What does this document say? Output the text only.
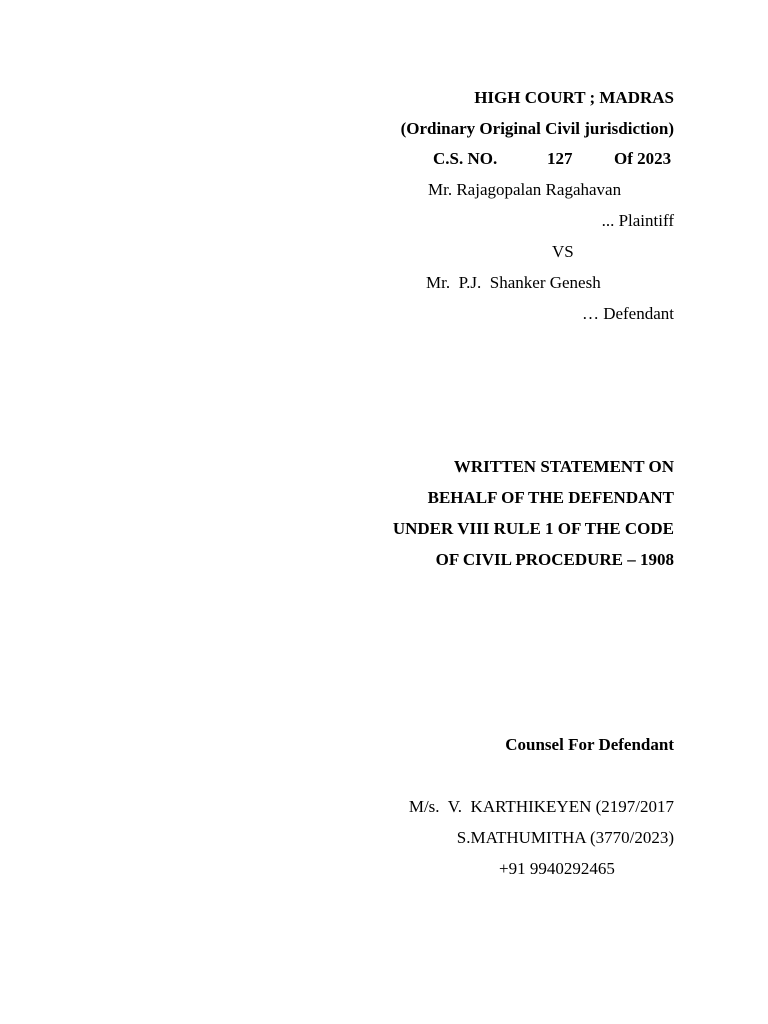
HIGH COURT ; MADRAS
(Ordinary Original Civil jurisdiction)

C.S. NO.

	127

Of 2023

Mr. Rajagopalan Ragahavan
... Plaintiff
VS
Mr.  P.J.  Shanker Genesh
… Defendant
WRITTEN STATEMENT ON
BEHALF OF THE DEFENDANT
UNDER VIII RULE 1 OF THE CODE
OF CIVIL PROCEDURE – 1908
Counsel For Defendant
M/s.  V.  KARTHIKEYEN (2197/2017
S.MATHUMITHA (3770/2023)
+91 9940292465
